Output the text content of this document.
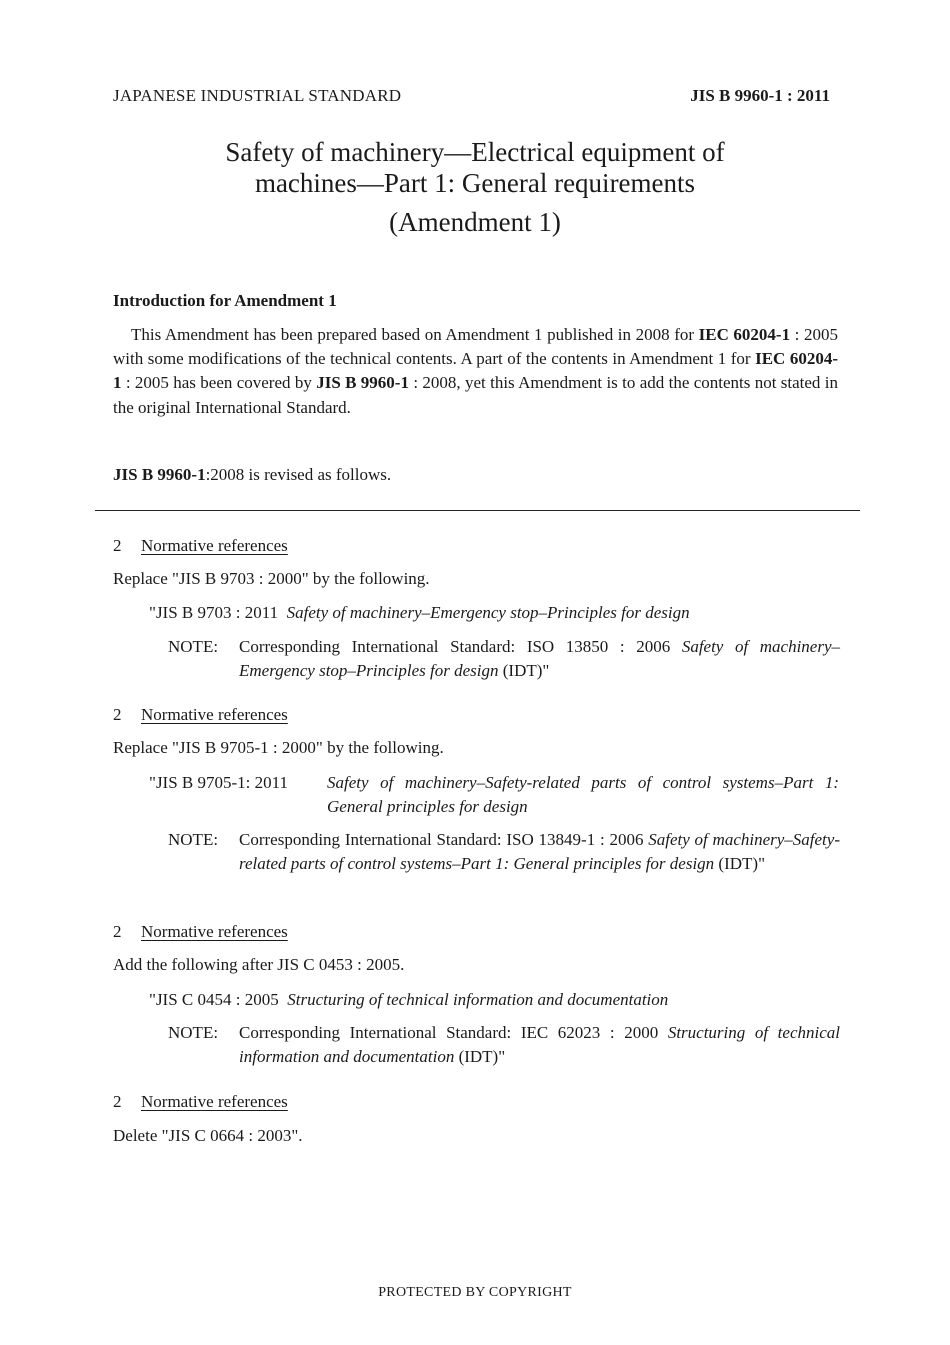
JAPANESE INDUSTRIAL STANDARD	JIS B 9960-1 : 2011
Safety of machinery—Electrical equipment of
machines—Part 1: General requirements
(Amendment 1)
Introduction for Amendment 1
This Amendment has been prepared based on Amendment 1 published in 2008 for IEC 60204-1 : 2005 with some modifications of the technical contents. A part of the contents in Amendment 1 for IEC 60204-1 : 2005 has been covered by JIS B 9960-1 : 2008, yet this Amendment is to add the contents not stated in the original International Standard.
JIS B 9960-1:2008 is revised as follows.
2 Normative references
Replace "JIS B 9703 : 2000" by the following.
"JIS B 9703 : 2011 Safety of machinery–Emergency stop–Principles for design
NOTE: Corresponding International Standard: ISO 13850 : 2006 Safety of machinery–Emergency stop–Principles for design (IDT)"
2 Normative references
Replace "JIS B 9705-1 : 2000" by the following.
"JIS B 9705-1: 2011 Safety of machinery–Safety-related parts of control systems–Part 1: General principles for design
NOTE: Corresponding International Standard: ISO 13849-1 : 2006 Safety of machinery–Safety-related parts of control systems–Part 1: General principles for design (IDT)"
2 Normative references
Add the following after JIS C 0453 : 2005.
"JIS C 0454 : 2005 Structuring of technical information and documentation
NOTE: Corresponding International Standard: IEC 62023 : 2000 Structuring of technical information and documentation (IDT)"
2 Normative references
Delete "JIS C 0664 : 2003".
PROTECTED BY COPYRIGHT
